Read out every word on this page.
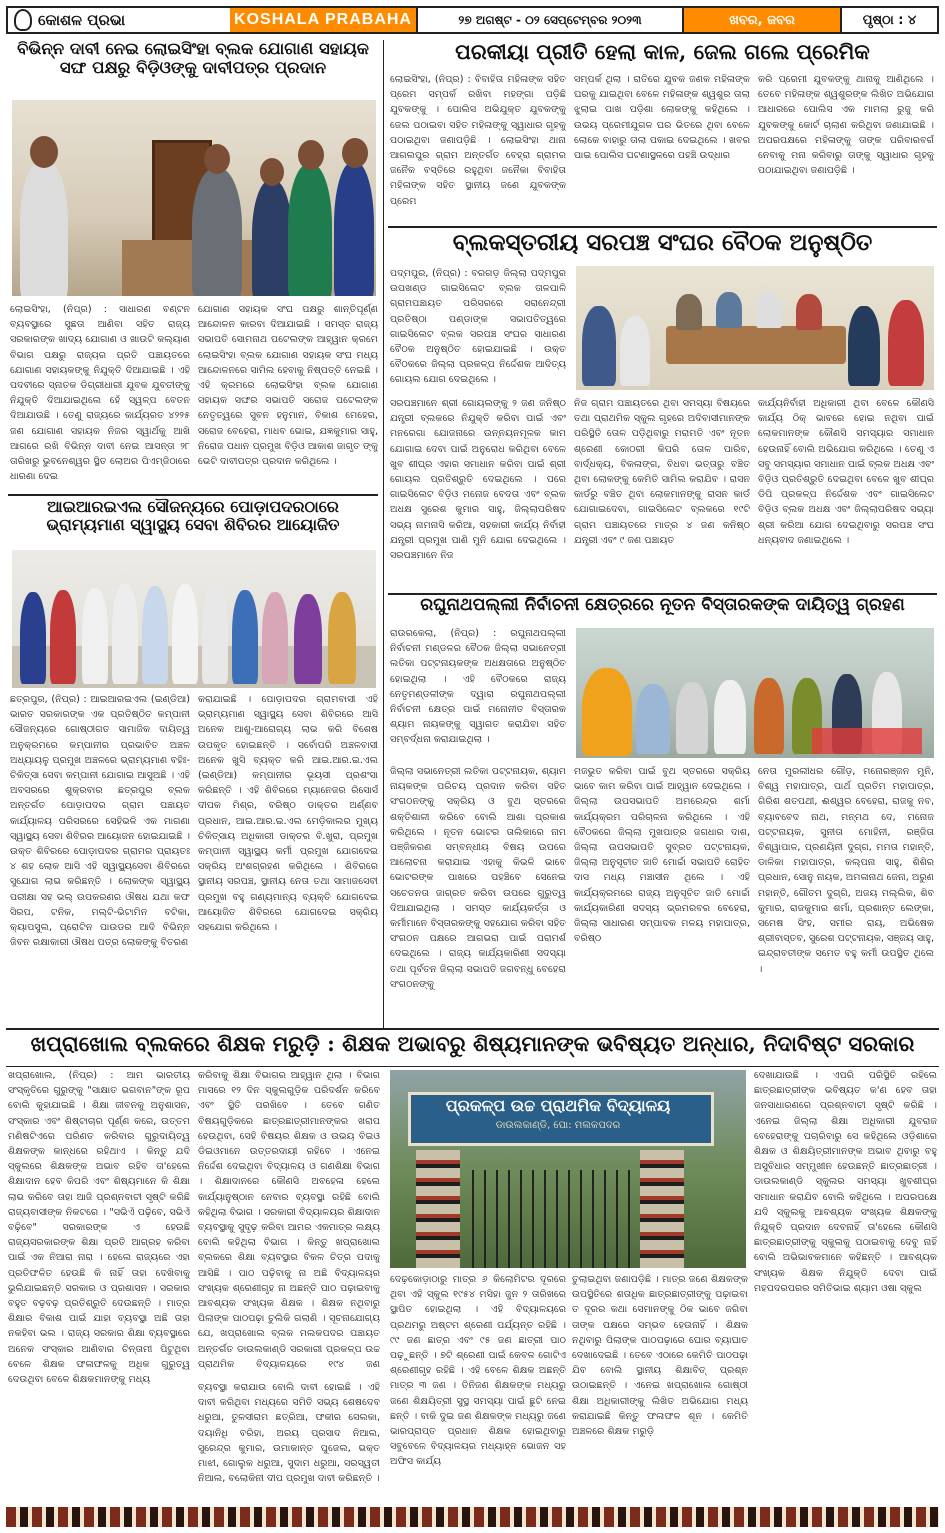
କୋଶଳ ପ୍ରଭା	KOSHALA PRABAHA	୨୭ ଅଗଷ୍ଟ - ୦୨ ସେପ୍ଟେମ୍ବର ୨୦୨୩	ଖବର, ଜବର	ପୃଷ୍ଠା : ୪
ବିଭିନ୍ନ ଦାବୀ ନେଇ ଲୋଇସିଂହା ବ୍ଲକ ଯୋଗାଣ ସହାୟକ ସଙ୍ଘ ପକ୍ଷରୁ ବିଡ଼ିଓଙ୍କୁ ଦାବୀପତ୍ର ପ୍ରଦାନ
ଲୋଇସିଂହା, (ନିପ୍ର) : ସାଧାରଣ ବଣ୍ଟନ ବ୍ୟବସ୍ଥାରେ ସୁଛତା ଆଣିବା ସହିତ ରାଜ୍ୟ ସରକାରଙ୍କ ଖାଦ୍ୟ ଯୋଗାଣ ଓ ଖାଉଟି କଲ୍ୟାଣ ବିଭାଗ ପକ୍ଷରୁ ରାଜ୍ୟର ପ୍ରତି ପଞ୍ଚାୟତରେ ଯୋଗାଣ ସହାୟକଙ୍କୁ ନିଯୁକ୍ତି ଦିଆଯାଇଛି । ଏହି ପଦବୀରେ ସ୍ନାତକ ଡିଗ୍ରୀଧାରୀ ଯୁବକ ଯୁବତୀଙ୍କୁ ନିଯୁକ୍ତି ଦିଆଯାଇଥିଲେ ହେଁ ସ୍ୱଳ୍ପ ବେତନ ଦିଆଯାଉଛି । ତେଣୁ ରାଜ୍ୟରେ କାର୍ଯ୍ୟରତ ୪୨୨୫ ଜଣ ଯୋଗାଣ ସହାୟକ ନିଜର ସ୍ୱାର୍ଥକୁ ଆଖି ଆଗରେ ରଖି ବିଭିନ୍ନ ଦାବୀ ନେଇ ଆସନ୍ତା ୨୮ ତାରିଖରୁ ଭୁବନେଶ୍ୱର ସ୍ଥିତ ଲୋଅର ପିଏମ୍‌ଜିଠାରେ ଧାରଣା ଦେଇ
ଯୋଗାଣ ସହାୟକ ସଂଘ ପକ୍ଷରୁ ଶାନ୍ତିପୂର୍ଣ୍ଣ ଆନ୍ଦୋଳନ କାରବା ଦିଆଯାଇଛି । ସମସ୍ତ ରାଜ୍ୟ ସଭାପତି ସୋମନାଥ ପଟେଲଙ୍କ ଆହ୍ୱାନ କ୍ରମେ ଲୋଇସିଂହା ବ୍ଲକ ଯୋଗାଣ ସହାୟକ ସଂଘ ମଧ୍ୟ ଆନ୍ଦୋଳନରେ ସାମିଲ ହେବାକୁ ନିଷ୍ପତ୍ତି ନେଇଛି । ଏହି କ୍ରମରେ ଲୋଇସିଂହା ବ୍ଲକ ଯୋଗାଣ ସହାୟକ ସଙ୍ଘର ସଭାପତି ସରୋଜ ପଟେଲଙ୍କ ନେତୃତ୍ୱରେ ସୁବନ ହନୁମାନ, ବିକାଶ ମେହେର, ସରୋଜ ବେହେରା, ମାଧବ ଭୋଇ, ଯଜ୍ଞକୁମାର ସାହୁ, ନିରୋଜ ପଧାନ ପ୍ରମୁଖ ବିଡ଼ିଓ ଆକାଶ ଜାଗୃତ ଙ୍କୁ ଭେଟି ଦାବୀପତ୍ର ପ୍ରଦାନ କରିଥିଲେ ।
ଆଇଆରଇଏଲ ସୌଜନ୍ୟରେ ପୋଡ଼ାପଦରଠାରେ ଭ୍ରାମ୍ୟମାଣ ସ୍ୱାସ୍ଥ୍ୟ ସେବା ଶିବିରର ଆୟୋଜିତ
ଛତ୍ରପୁର, (ନିପ୍ର) : ଆଇଆରଇଏଲ (ଇଣ୍ଡିଆ) ଭାରତ ସରକାରଙ୍କ ଏକ ପ୍ରତିଷ୍ଠିତ କମ୍ପାନୀ ସୌଜନ୍ୟରେ ଗୋଷ୍ଠୀଗତ ସାମାଜିକ ଦାୟିତ୍ୱ ଅନୁକ୍ରମରେ କମ୍ପାନୀର ପ୍ରଭାବିତ ଅଞ୍ଚଳ ଅଧ୍ୟାୟଳୁ ପ୍ରମୁଖ ଅଞ୍ଚଳରେ ଭ୍ରାମ୍ୟମାଣ ବହିଃ-ଚିକିତ୍ସା ସେବା କମ୍ପାନୀ ଯୋଗାଇ ଆସୁଅଛି । ଏହି ଅବସରରେ ଶୁକ୍ରବାର ଛତ୍ରପୁର ବ୍ଲକ ଅନ୍ତର୍ଗତ ପୋଡ଼ାପଦର ଗ୍ରାମ ପଞ୍ଚାୟତ କାର୍ଯ୍ୟାଳୟ ପରିସରରେ ସେହିଭଳି ଏକ ମାଗଣା ସ୍ୱାସ୍ଥ୍ୟ ସେବା ଶିବିରର ଆୟୋଜନ ହୋଇଯାଇଛି । ଉକ୍ତ ଶିବିରରେ ପୋଡ଼ାପଦର ଗ୍ରାମର ପ୍ରାୟତଃ ୪ ଶହ ଲୋକ ଆସି ଏହି ସ୍ୱାସ୍ଥ୍ୟସେବା ଶିବିରରେ ସୁଯୋଗ ଲାଭ କରିଛନ୍ତି । ଲୋକଙ୍କ ସ୍ୱାସ୍ଥ୍ୟ ପରୀକ୍ଷା ସହ ଭଲ୍ ଉପକରଣର ଔଷଧ ଯଥା କଫ ସିରପ, ଟନିକ, ମଲ୍ଟି-ଭିଟାମିନ ବଟିକା, କ୍ୟାପସୁଲ, ପ୍ରୋଟିନ ପାଉଡର ଆଦି ବିଭିନ୍ନ ଜିବନ ରକ୍ଷାକାରୀ ଔଷଧ ପତ୍ର ଲୋକଙ୍କୁ ବିତରଣ
କରାଯାଇଛି । ପୋଡ଼ାପଦର ଗ୍ରାମବାସୀ ଏହି ଭ୍ରାମ୍ୟମାଣ ସ୍ୱାସ୍ଥ୍ୟ ସେବା ଶିବିରରେ ଆସି ଅନେକ ଆଶୁ-ଆରୋଗ୍ୟ ଲାଭ କରି ବିଶେଷ ଉପକୃତ ହୋଇଛନ୍ତି । ସର୍ବୋପରି ଅଞ୍ଚଳବାସୀ ଅନେକ ଖୁସି ବ୍ୟକ୍ତ କରି ଆଇ.ଆର.ଇ.ଏଲ (ଇଣ୍ଡିଆ) କମ୍ପାନୀର ଭୂୟସୀ ପ୍ରଶଂସା କରିଛନ୍ତି । ଏହି ଶିବିରରେ ମ୍ୟାନେଜର ରିସୋର୍ସ ଦୀପକ ମିଶ୍ର, ବରିଷ୍ଠ ଡାକ୍ତର ଅର୍ଣ୍ଣବ ପ୍ରଧାନ, ଆଇ.ଆର.ଇ.ଏଲ ମେଡ଼ିକାଲର ମୁଖ୍ୟ ଚିକିତ୍ସାୟ ଅଧିକାରୀ ଡାକ୍ତର ବି.ଖୁରା, ପ୍ରମୁଖ କମ୍ପାନୀ ସ୍ୱାସ୍ଥ୍ୟ କର୍ମୀ ପ୍ରମୁଖ ଯୋଗଦେଇ ସକ୍ରିୟ ଅଂଶଗ୍ରହଣ କରିଥିଲେ । ଶିବିରରେ ସ୍ଥାନୀୟ ସରପଞ୍ଚ, ସ୍ଥାନୀୟ ନେତା ତଥା ସାମାଜସେବୀ ପ୍ରମୁଖ ବହୁ ଗଣ୍ୟମାନ୍ୟ ବ୍ୟକ୍ତି ଯୋଗଦେଇ ଆୟୋଜିତ ଶିବିରରେ ଯୋଗଦେଇ ସକ୍ରିୟ ସହଯୋଗ କରିଥିଲେ ।
ପରକୀୟା ପ୍ରୀତି ହେଲା କାଳ, ଜେଲ ଗଲେ ପ୍ରେମିକ
ଲୋଇସିଂହା, (ନିପ୍ର) : ବିବାହିତା ମହିଳାଙ୍କ ସହିତ ପ୍ରେମ ସମ୍ପର୍କ ରଖିବା ମହଙ୍ଗା ପଡ଼ିଛି ଯୁବକଙ୍କୁ । ପୋଲିସ ଅଭିଯୁକ୍ତ ଯୁବକଙ୍କୁ ଜେଲ ପଠାଇବା ସହିତ ମହିଳାଙ୍କୁ ସ୍ୱାଧାର ଗୃହକୁ ପଠାଇଥିବା ଜଣାପଡ଼ିଛି । ଲୋଇସିଂହା ଥାନା ଆଗଲପୁର ଗ୍ରାମ ଅନ୍ତର୍ଗତ ବେହ୍ରା ଗ୍ରାମର ଜନୈକ ବସ୍ତିରେ ରହୁଥିବା ଜନୈକା ବିବାହିତା ମହିଳାଙ୍କ ସହିତ ସ୍ଥାନୀୟ ଜଣେ ଯୁବକଙ୍କ ପ୍ରେମ
ସମ୍ପର୍କ ଥିଲା । ରାତିରେ ଯୁବକ ଜଣକ ମହିଳାଙ୍କ ଘରକୁ ଯାଇଥିବା ବେଳେ ମହିଳାଙ୍କ ଶ୍ୱଶୁର ତାଲା ଝୁଲାଇ ପାଖ ପଡ଼ିଶା ଲୋକଙ୍କୁ କହିଥିଲେ । ଉଭୟ ପ୍ରେମୀଯୁଗଳ ଘର ଭିତରେ ଥିବା ବେଳେ ଲୋକେ ବାହାରୁ ତାଲା ପକାଇ ଦେଇଥିଲେ । ଖବର ପାଇ ପୋଲିସ ଘଟଣାସ୍ଥଳରେ ପହଞ୍ଚି ଉଦ୍ଧାର
କରି ପ୍ରେମୀ ଯୁବକଙ୍କୁ ଥାନାକୁ ଆଣିଥିଲେ । ତେବେ ମହିଳାଙ୍କ ଶ୍ୱଶୁରଙ୍କ ଲିଖିତ ଅଭିଯୋଗ ଆଧାରରେ ପୋଲିସ ଏକ ମାମଲା ରୁଜୁ କରି ଯୁବକଙ୍କୁ କୋର୍ଟ ଚାଲାଣ କରିଥିବା ଜଣାଯାଇଛି । ଅପରପକ୍ଷରେ ମହିଳାଙ୍କୁ ତାଙ୍କ ପରିବାରବର୍ଗ ନେବାକୁ ମନା କରିବାରୁ ତାଙ୍କୁ ସ୍ୱାଧାର ଗୃହକୁ ପଠାଯାଇଥିବା ଜଣାପଡ଼ିଛି ।
ବ୍ଲକସ୍ତରୀୟ ସରପଞ୍ଚ ସଂଘର ବୈଠକ ଅନୁଷ୍ଠିତ
ପଦ୍ମପୁର, (ନିପ୍ର) : ବରଗଡ଼ ଜିଲ୍ଲା ପଦ୍ମପୁର ଉପଖଣ୍ଡ ଗାଇସିଲେଟ ବ୍ଲକ ତାଳପାଳି ଗ୍ରାମପଞ୍ଚାୟତ ପରିସରରେ ସରାନେନ୍ଦ୍ରୀ ପ୍ରତିଷ୍ଠା ପଣ୍ଡାଙ୍କ ସଭାପତିତ୍ୱରେ ଗାଇସିଲେଟ ବ୍ଲକ ସରପଞ୍ଚ ସଂଘର ସାଧାରଣ ବୈଠକ ଅନୁଷ୍ଠିତ ହୋଇଯାଇଛି । ଉକ୍ତ ବୈଠକରେ ଜିଲ୍ଲା ପ୍ରକଳ୍ପ ନିର୍ଦ୍ଦେଶକ ଆଦିତ୍ୟ ଗୋୟଲ ଯୋଗ ଦେଇଥିଲେ ।
ସରପଞ୍ଚମାନେ ଶ୍ରୀ ଗୋୟଲଙ୍କୁ ୨ ଜଣ ଜନିଷ୍ଠ ଯନ୍ତ୍ରୀ ବ୍ଲକରେ ନିଯୁକ୍ତି କରିବା ପାଇଁ ଏବଂ ମନରେଗା ଯୋଜନାରେ ଉନ୍ନୟନମୂଳକ କାମ ଯୋଗାଇ ଦେବା ପାଇଁ ଅନୁରୋଧ କରିଥିବା ବେଳେ ଖୁବ ଶୀଘ୍ର ଏହାର ସମାଧାନ କରିବା ପାଇଁ ଶ୍ରୀ ଗୋୟଲ ପ୍ରତିଶ୍ରୁତି ଦେଇଥିଲେ । ପରେ ଗାଇସିଲେଟ ବିଡ଼ିଓ ମନୋଜ ବେଦତା ଏବଂ ବ୍ଲକ ଅଧକ୍ଷ ସୁରେଶ କୁମାର ସାହୁ, ଜିଲ୍ଲାପରିଷଦ ସଭ୍ୟ ନାମନାସି କରିଆ, ସହକାରୀ କାର୍ଯ୍ୟ ନିର୍ବାହୀ ଯନ୍ତ୍ରୀ ପ୍ରମୁଖ ପାଣି ମୁନି ଯୋଗ ଦେଇଥିଲେ । ସରପଞ୍ଚମାନେ ନିଜ
ନିଜ ଗ୍ରାମ ପଞ୍ଚାୟତରେ ଥିବା ସମସ୍ୟା ବିଷୟରେ ତଥା ପ୍ରାଥମିକ ସ୍କୁଲ ଗୃହରେ ଅଦିବାସୀମାନଙ୍କ ପରିସ୍ଥିତି ତୋଳ ପଡ଼ିଥିବାରୁ ମରାମତି ଏବଂ ନୂତନ ଶ୍ରେଣୀ କୋଠରୀ କିପରି ତୋଳ ପାରିବ, ବାର୍ଦ୍ଧକ୍ୟ, ବିକଳାଙ୍ଗ, ବିଧବା ଭତ୍ତାରୁ ବଞ୍ଚିତ ଥିବା ଲୋକଙ୍କୁ କେମିତି ସାମିଲ କରାଯିବ । ରାସନ କାର୍ଡରୁ ବଞ୍ଚିତ ଥିବା ଲୋକମାନଙ୍କୁ ରାସନ କାର୍ଡ ଯୋଗାଇଦେବା, ଗାଇସିଲେଟ ବ୍ଲକରେ ୧୯ଟି ଗ୍ରାମ ପଞ୍ଚାୟତରେ ମାତ୍ର ୪ ଜଣ କନିଷ୍ଠ ଯନ୍ତ୍ରୀ ଏବଂ ୯ ଜଣ ପଞ୍ଚାୟତ
କାର୍ଯ୍ୟନିର୍ବାହୀ ଅଧିକାରୀ ଥିବା ବେଳେ କୌଣସି କାର୍ଯ୍ୟ ଠିକ୍ ଭାବରେ ହୋଇ ନଥିବା ପାଇଁ ଲୋକମାନଙ୍କ କୌଣସି ସମସ୍ୟାର ସମାଧାନ ହେଉନାହିଁ ବୋଲି ଅଭିଯୋଗ କରିଥିଲେ । ତେଣୁ ଏ ସବୁ ସମସ୍ୟାର ସମାଧାନ ପାଇଁ ବ୍ଲକ ଅଧକ୍ଷ ଏବଂ ବିଡ଼ିଓ ପ୍ରତିଶ୍ରୁତି ଦେଇଥିବା ବେଳେ ଖୁବ ଶୀଘ୍ର ଡିପି ପ୍ରକଳ୍ପ ନିର୍ଦ୍ଦେଶକ ଏବଂ ଗାଇସିଲେଟ ବିଡ଼ିଓ ବ୍ଲକ ଅଧକ୍ଷ ଏବଂ ଜିଲ୍ଲାପରିଷଦ ସଭ୍ୟା ଶ୍ରୀ କରିଆ ଯୋଗ ଦେଇଥିବାରୁ ସରପଞ୍ଚ ସଂଘ ଧନ୍ୟବାଦ ଜଣାଇଥିଲେ ।
ରଘୁନାଥପଲ୍ଲୀ ନିର୍ବାଚନୀ କ୍ଷେତ୍ରରେ ନୂତନ ବିସ୍ତାରକଙ୍କ ଦାୟିତ୍ୱ ଗ୍ରହଣ
ରାଉରକେଲା, (ନିପ୍ର) : ରଘୁନାଥପଲ୍ଲୀ ନିର୍ବାଚନୀ ମଣ୍ଡଳର ବୈଠକ ଜିଲ୍ଲା ସଭାନେତ୍ରୀ ଲତିକା ପଟ୍ଟନାୟକଙ୍କ ଅଧକ୍ଷତାରେ ଅନୁଷ୍ଠିତ ହୋଇଥିଲା । ଏହି ବୈଠକରେ ରାଜ୍ୟ ନେତୃମଣ୍ଡଳୀଙ୍କ ଦ୍ୱାରା ରଘୁନାଥପଲ୍ଲୀ ନିର୍ବାଚନୀ କ୍ଷେତ୍ର ପାଇଁ ମନୋନୀତ ବିସ୍ତାରକ ଶ୍ୟାମ ନାୟକଙ୍କୁ ସ୍ୱାଗତ କରାଯିବା ସହିତ ସମ୍ବର୍ଦ୍ଧନା କରାଯାଇଥିଲା ।
ଜିଲ୍ଲା ସଭାନେତ୍ରୀ ଲତିକା ପଟ୍ଟନାୟକ, ଶ୍ୟାମ ନାୟକଙ୍କ ପରିଚୟ ପ୍ରଦାନ କରିବା ସହିତ ସଂଗଠନଙ୍କୁ ସକ୍ରିୟ ଓ ବୁଥ ସ୍ତରରେ ଶକ୍ତିଶାଳୀ କରିବେ ବୋଲି ଆଶା ପ୍ରକାଶ କରିଥିଲେ । ନୂତନ ଭୋଟର ତାଲିକାରେ ନାମ ପଞ୍ଜିକରଣ ସମ୍ବନ୍ଧୀୟ ବିଷୟ ଉପରେ ଆଲୋଚନା କରାଯାଇ ଏହାକୁ କିଭଳି ଭାବେ ଭୋଟରଙ୍କ ପାଖରେ ପହଞ୍ଚିବେ ସେନେଇ ସଚେତନତା ଜାଗ୍ରତ କରିବା ଉପରେ ଗୁରୁତ୍ୱ ଦିଆଯାଇଥିଲା । ସମସ୍ତ କାର୍ଯ୍ୟକର୍ତ୍ତା ଓ କର୍ମୀମାନେ ବିସ୍ତାରକଙ୍କୁ ସହଯୋଗ କରିବା ସହିତ ସଂଗଠନ ପକ୍ଷରେ ଆଗଭରା ପାଇଁ ପରାମର୍ଶ ଦେଇଥିଲେ । ରାଜ୍ୟ କାର୍ଯ୍ୟକାରିଣୀ ସଦସ୍ୟା ତଥା ପୂର୍ବତନ ଜିଲ୍ଲା ସଭାପତି ଜଗବନ୍ଧୁ ବେହେରା ସଂଗଠନଙ୍କୁ
ମଜଭୁତ କରିବା ପାଇଁ ବୁଥ ସ୍ତରରେ ସକ୍ରିୟ ଭାବେ କାମ କରିବା ପାଇଁ ଆହ୍ୱାନ ଦେଇଥିଲେ । ଜିଲ୍ଲା ଉପସଭାପତି ଅମରେନ୍ଦ୍ର ଶର୍ମା କାର୍ଯ୍ୟକ୍ରମ ପରିଚାଳନା କରିଥିଲେ । ଏହି ବୈଠକରେ ଜିଲ୍ଲା ମୁଖପାତ୍ର ଜଗଧାର ଦାଶ, ଜିଲ୍ଲା ଉପସଭାପତି ସୁବ୍ରତ ପଟ୍ଟନାୟକ, ଜିଲ୍ଲା ଅନୁସୂଚୀତ ଜାତି ମୋର୍ଚ୍ଚା ସଭାପତି ରୋହିତ ଦାସ ମଧ୍ୟ ମଞ୍ଚାସୀନ ଥିଲେ । ଏହି କାର୍ଯ୍ୟକ୍ରମରେ ରାଜ୍ୟ ଅନୁସୂଚିତ ଜାତି ମୋର୍ଚ୍ଚା କାର୍ଯ୍ୟକାରିଣୀ ସଦସ୍ୟ ଭ୍ରମରବର ବେହେରା, ଜିଲ୍ଲା ସାଧାରଣ ସମ୍ପାଦକ ମଳୟ ମହାପାତ୍ର, ବରିଷ୍ଠ
ନେତା ମୁରଲୀଧର ଗୌଡ଼, ମନୋରଞ୍ଜନ ମୁନି, ବିଶ୍ୱ ମହାପାତ୍ର, ପାର୍ଥ ପ୍ରତିମ ମହାପାତ୍ର, ଗିରିଶ ଶତପଥୀ, ଈଶ୍ୱର ବେହେରା, ରାଜକୁ ନବ, ବ୍ୟାବବେଦ ନାଥ, ମନ୍ମଥ ଦେ, ମନୋଜ ପଟ୍ଟନାୟକ, ସୁନୀତା ମୋହିନୀ, ରଞ୍ଜିତା ବିଶ୍ୱାପାଳ, ପ୍ରଣୟିନୀ ଦୁଗ୍‌ଗ, ମମତା ମହାନ୍ତି, ଡାଳିକା ମହାପାତ୍ର, କଲ୍ପନା ସାହୁ, ଶିଶିର ପ୍ରଧାନ, ସୋନୁ ନାୟକ, ଅମଳାନାଥ ଜେନା, ଅରୁଣ ମହାନ୍ତି, ଗୌତମ ଦୁଗ୍‌ଗି, ଅଜୟ ମଲ୍ଲିକ, ଶିବ କୁମାର, ରାଜକୁମାର ଶର୍ମା, ପ୍ରଶାନ୍ତ ଲେଙ୍କା, ସମେଷ ସିଂହ, ସମୀର ରାୟ, ଅଭିଷେକ ଶ୍ରୀବାସ୍ତବ, ସୁରେଶ ପଟ୍ଟନାୟକ, ସଞ୍ଜୟ ସାହୁ, ଇନ୍ଦ୍ରାବତୀଙ୍କ ସମେତ ବହୁ କର୍ମୀ ଉପସ୍ଥିତ ଥିଲେ ।
ଖପ୍ରାଖୋଲ ବ୍ଲକରେ ଶିକ୍ଷକ ମରୁଡ଼ି : ଶିକ୍ଷକ ଅଭାବରୁ ଶିଷ୍ୟମାନଙ୍କ ଭବିଷ୍ୟତ ଅନ୍ଧାର, ନିଦାବିଷ୍ଟ ସରକାର
ଖପ୍ରାଖୋଲ, (ନିପ୍ର) : ଆମ ଭାରତୀୟ ସଂସ୍କୃତିରେ ଗୁରୁଙ୍କୁ "ସାକ୍ଷାତ ଭଗବାନ"ଙ୍କ ରୂପ ବୋଲି କୁହାଯାଇଛି । ଶିକ୍ଷା ଜୀବନକୁ ଅନୁଶାସନ, ସଂସ୍କାର ଏବଂ ଶିଷ୍ଟାଚାର ପୂର୍ଣ୍ଣ କରେ, ଉତ୍ତମ ମଣିଷଟିଏରେ ପରିଣତ କରିବାର ଗୁରୁଦାୟିତ୍ୱ ଶିକ୍ଷକଙ୍କ କାନ୍ଧରେ ରହିଥାଏ । କିନ୍ତୁ ଯଦି ସ୍କୁଲରେ ଶିକ୍ଷକଙ୍କ ଅଭାବ ରହିବ ତା'ହେଲେ ଶିକ୍ଷାଦାନ ହେବ କିପରି ଏବଂ ଶିଷ୍ୟମାନେ କି ଶିକ୍ଷା ଲାଭ କରିବେ ତାହା ଆଜି ପ୍ରଶ୍ନବାଚୀ ସୃଷ୍ଟି କରିଛି ରାଜ୍ୟବାସୀଙ୍କ ନିକଟରେ । "ସଭିଏଁ ପଢ଼ିବେ, ସଭିଏଁ ବଢ଼ିବେ" ସରକାରଙ୍କ ଏ ହେଉଛି ରାଜ୍ୟସରକାରଙ୍କ ଶିକ୍ଷା ପ୍ରତି ଆଗ୍ରହ କରିବା ପାଇଁ ଏକ ନିଆରା ନାରା । ହେଲେ ରାଜ୍ୟରେ ଏହା ପ୍ରତିଫଳିତ ହେଉଛି କି ନାହିଁ ତାହା ଦେଖିବାକୁ ଭୁଲିଯାଇଛନ୍ତି ସରକାର ଓ ପ୍ରଶାସନ । ସରକାର ବହୁତ ବଢ଼ବଢ଼ ପ୍ରତିଶ୍ରୁତି ଦେଉଛନ୍ତି । ମାତ୍ର ଶିକ୍ଷାର ବିକାଶ ପାଇଁ ଯାହା ବ୍ୟବସ୍ଥା ଅଛି ତାହା ନକହିବା ଭଲ । ରାଜ୍ୟ ସରକାର ଶିକ୍ଷା ବ୍ୟବସ୍ଥାରେ ଅନେକ ସଂସ୍କାର ଆଣିବାର ଚିନ୍ତାମୀ ପିଟୁଥିବା ବେଳେ ଶିକ୍ଷକ ଫଳାଫଳକୁ ଅଧିକ ଗୁରୁତ୍ୱ ଦେଉଥିବା ବେଳେ ଶିକ୍ଷକମାନଙ୍କୁ ମଧ୍ୟ
କରିବାକୁ ଶିକ୍ଷା ବିଭାଗର ଆହ୍ୱାନ ଥିଲା । ବିଭାଗ ମାସରେ ୧୨ ଦିନ ସ୍କୁଲଗୁଡ଼ିକ ପରିଦର୍ଶନ କରିବେ ଏବଂ ସ୍ଥିତି ପରଖିବେ । ତେବେ ଗଣିତ ବିଷୟଗୁଡ଼ିକରେ ଛାତ୍ରଛାତ୍ରୀମାନଙ୍କର ଖରାପ ହେଉଥିବା, ସେହି ବିଷୟର ଶିକ୍ଷକ ଓ ଉଭୟ ବିଇଓ ଡିଇଓମାନେ ଉତ୍ତରଦାୟୀ ରହିବେ । ଏନେଇ ନିର୍ଦ୍ଦେଶ ଦେଇଥିବା ବିଦ୍ୟାଳୟ ଓ ଗଣଶିକ୍ଷା ବିଭାଗ । ଶିକ୍ଷାଦାନରେ କୌଣସି ଅବହେଳା ହେଲେ କାର୍ଯ୍ୟାନୁଷ୍ଠାନ ନେବାର ବ୍ୟବସ୍ଥା ରହିଛି ବୋଲି କହିଥିଲା ବିଭାଗ । ସରକାରୀ ବିଦ୍ୟାଳୟର ଶିକ୍ଷାଦାନ ବ୍ୟବସ୍ଥାକୁ ସୁଦୃଢ଼ କରିବା ଆମର ଏକମାତ୍ର ଲକ୍ଷ୍ୟ ବୋଲି କହିଥିଲା ବିଭାଗ । କିନ୍ତୁ ଖପ୍ରାଖୋଲ ବ୍ଲକରେ ଶିକ୍ଷା ବ୍ୟବସ୍ଥାର ବିକଳ ଚିତ୍ର ପଦାକୁ ଆସିଛି । ପାଠ ପଢ଼ିବାକୁ ନା ଅଛି ବିଦ୍ୟାଳୟର ସଂଖ୍ୟକ ଶ୍ରେଣୀଗୃହ ନା ଅଛନ୍ତି ପାଠ ପଢ଼ାଇବାକୁ ଆବଶ୍ୟକ ସଂଖ୍ୟକ ଶିକ୍ଷକ । ଶିକ୍ଷକ ନଥିବାରୁ ପିଲାଙ୍କ ପାଠପଢ଼ା ଚୁଲିକି ଗଲାଣି । ସୂଚନାଯୋଗ୍ୟ ଯେ, ଖପ୍ରାଖୋଲ ବ୍ଲକ ମଲକପଦର ପଞ୍ଚାୟତ ଅନ୍ତର୍ଗତ ଡାଉଲକାଣ୍ଡି ସରକାରୀ ପ୍ରକଳ୍ପ ଉଚ୍ଚ ପ୍ରାଥମିକ ବିଦ୍ୟାଳୟରେ ୧୯୪ ଜଣ
ପ୍ରକଳ୍ପ ଉଚ୍ଚ ପ୍ରାଥମିକ ବିଦ୍ୟାଳୟ
ଡାଉଲକାଣ୍ଡି, ପୋ: ମଲକପଦର
ଦେଖାଯାଉଛି । ଏପରି ପରିସ୍ଥିତି ରହିଲେ ଛାତ୍ରଛାତ୍ରୀଙ୍କ ଭବିଷ୍ୟତ କ'ଣ ହେବ ତାହା ଜନସାଧାରଣରେ ପ୍ରଶ୍ନବାଚୀ ସୃଷ୍ଟି କରିଛି । ଏନେଇ ଜିଲ୍ଲା ଶିକ୍ଷା ଅଧିକାରୀ ଯୁବରାଜ ବେହେରାଙ୍କୁ ପଚାରିବାରୁ ସେ କହିଥିଲେ ଓଡ଼ିଶାରେ ଶିକ୍ଷକ ଓ ଶିକ୍ଷୟିତ୍ରୀମାନଙ୍କ ଅଭାବ ଥିବାରୁ ବହୁ ଅସୁବିଧାର ସମ୍ମୁଖୀନ ହେଉଛନ୍ତି ଛାତ୍ରଛାତ୍ରୀ । ଡାଉଲକାଣ୍ଡି ସ୍କୁଲର ସମସ୍ୟା ଖୁବଶୀଘ୍ର ସମାଧାନ କରାଯିବ ବୋଲି କହିଥିଲେ । ଅପରପକ୍ଷେ ଯଦି ସ୍କୁଲକୁ ଆବଶ୍ୟକ ସଂଖ୍ୟକ ଶିକ୍ଷକଙ୍କୁ ନିଯୁକ୍ତି ପ୍ରଦାନ ଦେବନାହିଁ ତା'ହେଲେ କୌଣସି ଛାତ୍ରଛାତ୍ରୀଙ୍କୁ ସ୍କୁଲକୁ ପଠାଇବାକୁ ଦେବୁ ନାହିଁ ବୋଲି ଅଭିଭାବକମାନେ କହିଛନ୍ତି । ଆବଶ୍ୟକ ସଂଖ୍ୟକ ଶିକ୍ଷକ ନିଯୁକ୍ତି ଦେବା ପାଇଁ ମହପଦରପରର ସମିତିଭାଇ ଶ୍ୟାମ ଓଷା ସ୍କୁଲ
ଦେଢ଼କୋଡ଼ାଠାରୁ ମାତ୍ର ୬ କିଲୋମିଟର ଦୂରରେ ଥିବା ଏହି ସ୍କୁଲ ୧୯୫୪ ମସିହା ଜୁନ ୨ ତାରିଖରେ ସ୍ଥାପିତ ହୋଇଥିଲା । ଏହି ବିଦ୍ୟାଳୟରେ ପ୍ରଥମରୁ ଅଷ୍ଟମ ଶ୍ରେଣୀ ପର୍ଯ୍ୟନ୍ତ ରହିଛି । ୯୯ ଜଣ ଛାତ୍ର ଏବଂ ୯୫ ଜଣ ଛାତ୍ରୀ ପାଠ ପଢ଼ୁଛନ୍ତି । ୭ଟି ଶ୍ରେଣୀ ପାଇଁ କେବଳ ଗୋଟିଏ ଶ୍ରେଣୀଗୃହ ରହିଛି । ଏହି ବେଳେ ଶିକ୍ଷକ ଅଛନ୍ତି ମାତ୍ର ୩ ଜଣ । ତିନିଜଣ ଶିକ୍ଷକଙ୍କ ମଧ୍ୟରୁ ଜଣେ ଶିକ୍ଷୟିତ୍ରୀ ସୁସ୍ଥ ସମସ୍ୟା ପାଇଁ ଛୁଟି ନେଇ ଛନ୍ତି । ବାକି ଦୁଇ ଜଣ ଶିକ୍ଷକଙ୍କ ମଧ୍ୟରୁ ଜଣେ ଭାରପ୍ରାପ୍ତ ପ୍ରଧାନ ଶିକ୍ଷକ ହୋଇଥିବାରୁ ସବୁବେଳେ ବିଦ୍ୟାଳୟର ମଧ୍ୟାହ୍ନ ଭୋଜନ ସହ ଅଫିସ କାର୍ଯ୍ୟ
ତୁଲାଇଥିବା ଜଣାପଡ଼ିଛି । ମାତ୍ର ଜଣେ ଶିକ୍ଷକଙ୍କ ଉପସ୍ଥିତିରେ ଶତାଧିକ ଛାତ୍ରଛାତ୍ରୀଙ୍କୁ ପଢ଼ାଇବା ତ ଦୂରର କଥା ସେମାନଙ୍କୁ ଠିକ ଭାବେ ଜଗିବା ତାଙ୍କ ପକ୍ଷରେ ସମ୍ଭବ ହେଉନାହିଁ । ଶିକ୍ଷକ ନଥିବାରୁ ପିଲାଙ୍କ ପାଠପଢ଼ାରେ ଘୋର ବ୍ୟାଘାତ ଦେଖାଦେଇଛି । ତେବେ ଏଠାରେ କେମିତି ପାଠପଢ଼ା ଯିବ ବୋଲି ସ୍ଥାନୀୟ ଶିକ୍ଷାବିତ୍ ପ୍ରଶ୍ନ ଉଠାଇଛନ୍ତି । ଏନେଇ ଖପ୍ରାଖୋଲ ଗୋଷ୍ଠୀ ଶିକ୍ଷା ଅଧିକାରୀଙ୍କୁ ଲିଖିତ ଅଭିଯୋଗ ମଧ୍ୟ କରାଯାଇଛି କିନ୍ତୁ ଫଳାଫଳ ଶୂନ । କେମିତି ଅଞ୍ଚଳରେ ଶିକ୍ଷକ ମରୁଡ଼ି
ବ୍ୟବସ୍ଥା କରାଯାଉ ବୋଲି ଦାବୀ ହୋଇଛି । ଏହି ଦାବୀ କରିଥିବା ମଧ୍ୟରେ ସମିତି ସଭ୍ୟ ଶେଷଦେବ ଧରୁଆ, ତୁଳସୀରାମ ଛତ୍ରିଆ, ଫକୀର ସେଲକା, ଦୟାନିଧି ବରିହା, ଅରୟ ପ୍ରସାଦ ନିଆଲ, ସୁରେନ୍ଦ୍ର କୁମାର, ଉମାକାନ୍ତ ପୁଜେଲ, ଭକ୍ତ ମାଝୀ, ଗୋଲୁକ ଧରୁଆ, ସୁଦାମ ଧରୁଆ, ସରସ୍ୱତୀ ନିଆଲ, ବଲୋକିନୀ ଦୀପ ପ୍ରମୁଖ ଦାବୀ କରିଛନ୍ତି ।
